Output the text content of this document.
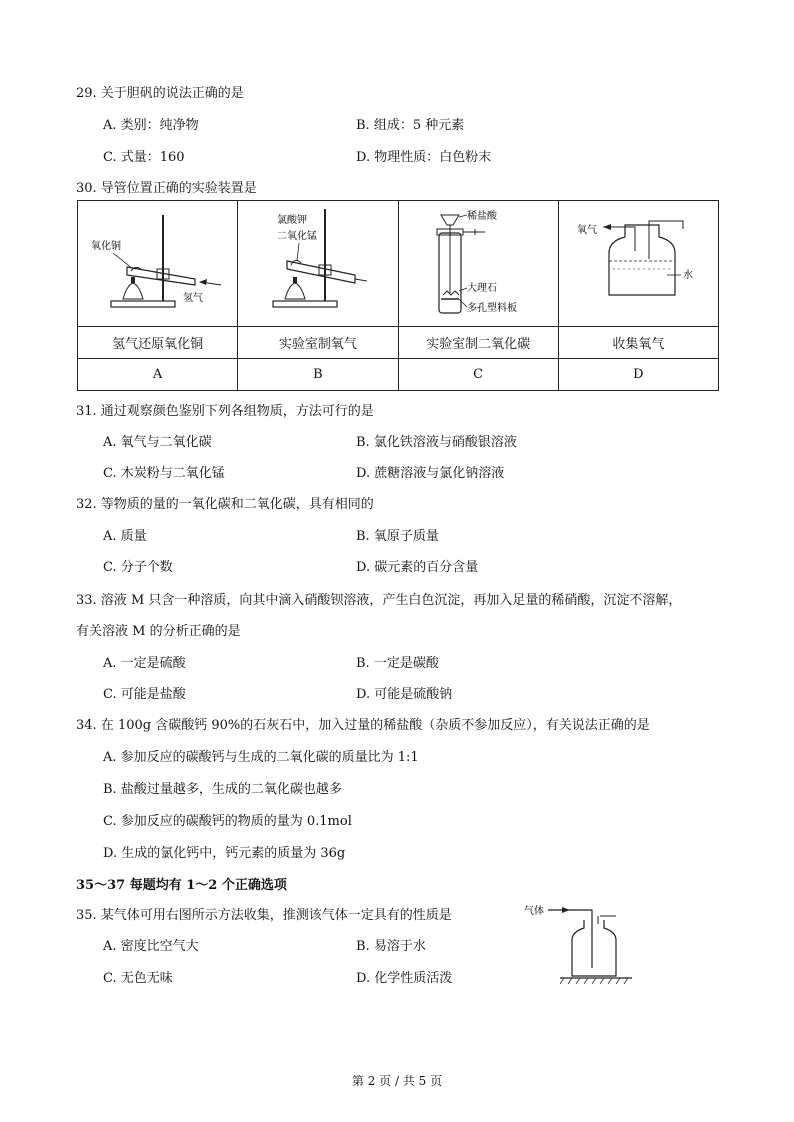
29. 关于胆矾的说法正确的是
A. 类别：纯净物	B. 组成：5 种元素
C. 式量：160	D. 物理性质：白色粉末
30. 导管位置正确的实验装置是
氧化铜
氢气	氯酸钾
二氧化锰	稀盐酸
大理石
多孔塑料板	氧气
水

氢气还原氧化铜	实验室制氧气	实验室制二氧化碳	收集氧气
A	B	C	D
31. 通过观察颜色鉴别下列各组物质，方法可行的是
A. 氧气与二氧化碳	B. 氯化铁溶液与硝酸银溶液
C. 木炭粉与二氧化锰	D. 蔗糖溶液与氯化钠溶液
32. 等物质的量的一氧化碳和二氧化碳，具有相同的
A. 质量	B. 氧原子质量
C. 分子个数	D. 碳元素的百分含量
33. 溶液 M 只含一种溶质，向其中滴入硝酸钡溶液，产生白色沉淀，再加入足量的稀硝酸，沉淀不溶解，
有关溶液 M 的分析正确的是
A. 一定是硫酸	B. 一定是碳酸
C. 可能是盐酸	D. 可能是硫酸钠
34. 在 100g 含碳酸钙 90%的石灰石中，加入过量的稀盐酸（杂质不参加反应），有关说法正确的是
A. 参加反应的碳酸钙与生成的二氧化碳的质量比为 1:1
B. 盐酸过量越多，生成的二氧化碳也越多
C. 参加反应的碳酸钙的物质的量为 0.1mol
D. 生成的氯化钙中，钙元素的质量为 36g
35～37 每题均有 1～2 个正确选项
35. 某气体可用右图所示方法收集，推测该气体一定具有的性质是
A. 密度比空气大	B. 易溶于水
C. 无色无味	D. 化学性质活泼
气体
第 2 页 / 共 5 页
